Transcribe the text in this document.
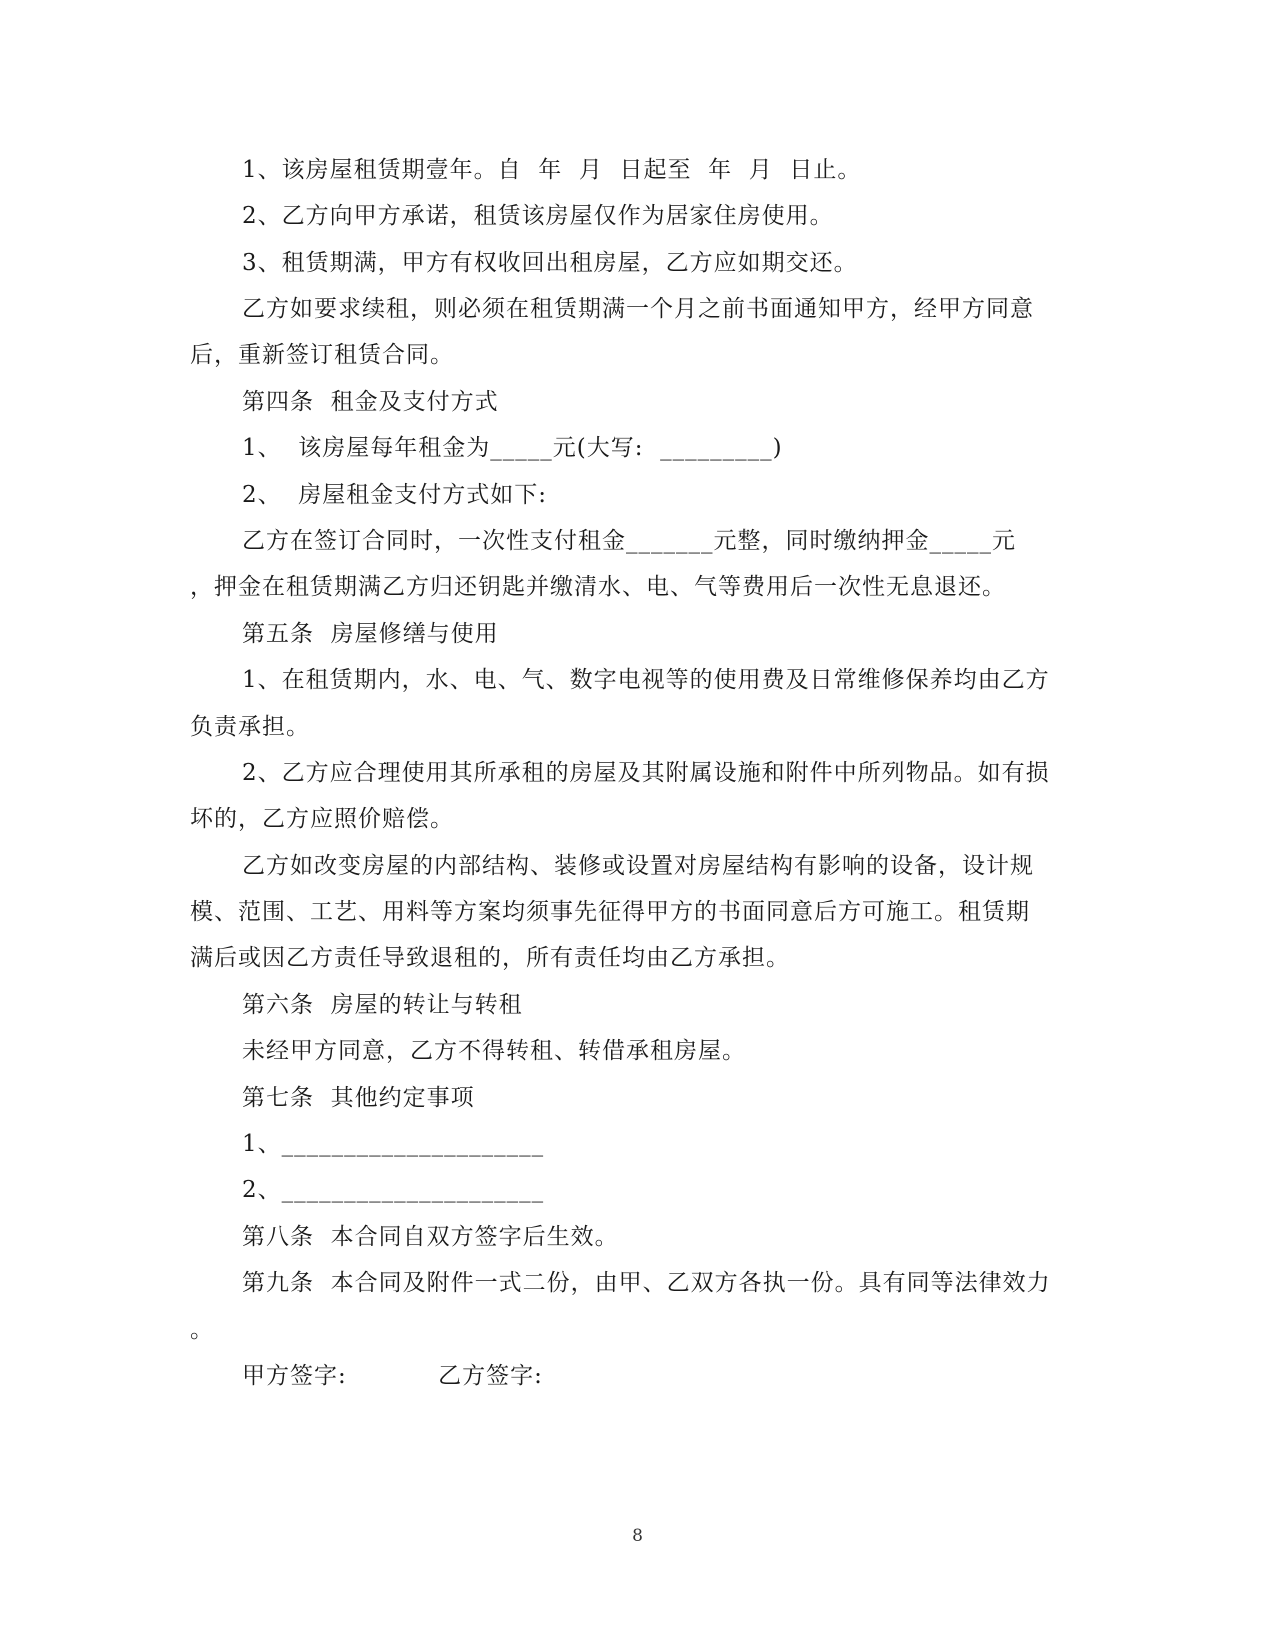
1、该房屋租赁期壹年。自  年  月  日起至  年  月  日止。
2、乙方向甲方承诺，租赁该房屋仅作为居家住房使用。
3、租赁期满，甲方有权收回出租房屋，乙方应如期交还。
乙方如要求续租，则必须在租赁期满一个月之前书面通知甲方，经甲方同意
后，重新签订租赁合同。
第四条  租金及支付方式
1、  该房屋每年租金为_____元(大写:  _________)
2、  房屋租金支付方式如下:
乙方在签订合同时，一次性支付租金_______元整，同时缴纳押金_____元
，押金在租赁期满乙方归还钥匙并缴清水、电、气等费用后一次性无息退还。
第五条  房屋修缮与使用
1、在租赁期内，水、电、气、数字电视等的使用费及日常维修保养均由乙方
负责承担。
2、乙方应合理使用其所承租的房屋及其附属设施和附件中所列物品。如有损
坏的，乙方应照价赔偿。
乙方如改变房屋的内部结构、装修或设置对房屋结构有影响的设备，设计规
模、范围、工艺、用料等方案均须事先征得甲方的书面同意后方可施工。租赁期
满后或因乙方责任导致退租的，所有责任均由乙方承担。
第六条  房屋的转让与转租
未经甲方同意，乙方不得转租、转借承租房屋。
第七条  其他约定事项
1、_____________________
2、_____________________
第八条  本合同自双方签字后生效。
第九条  本合同及附件一式二份，由甲、乙双方各执一份。具有同等法律效力
。
甲方签字:           乙方签字:
8
